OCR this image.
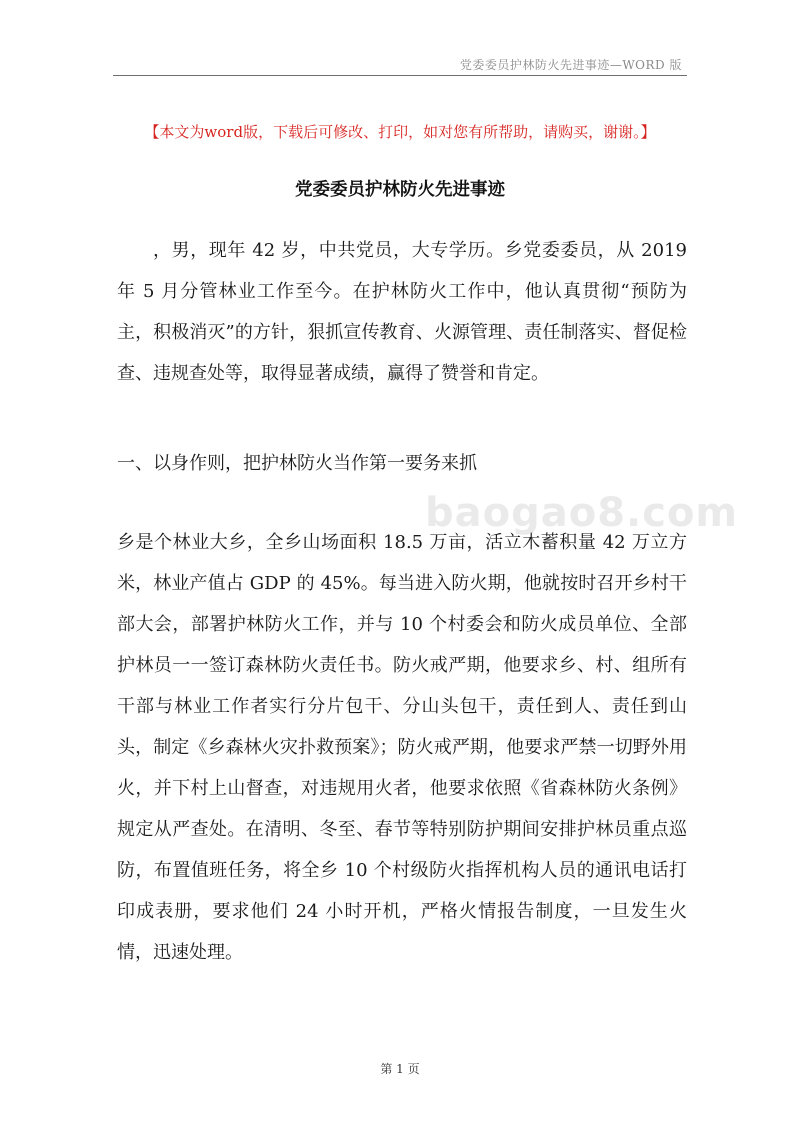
党委委员护林防火先进事迹—WORD 版
【本文为word版，下载后可修改、打印，如对您有所帮助，请购买，谢谢。】
党委委员护林防火先进事迹

，男，现年 42 岁，中共党员，大专学历。乡党委委员，从 2019 年 5 月分管林业工作至今。在护林防火工作中，他认真贯彻“预防为主，积极消灭”的方针，狠抓宣传教育、火源管理、责任制落实、督促检查、违规查处等，取得显著成绩，赢得了赞誉和肯定。

一、以身作则，把护林防火当作第一要务来抓

乡是个林业大乡，全乡山场面积 18.5 万亩，活立木蓄积量 42 万立方米，林业产值占 GDP 的 45%。每当进入防火期，他就按时召开乡村干部大会，部署护林防火工作，并与 10 个村委会和防火成员单位、全部护林员一一签订森林防火责任书。防火戒严期，他要求乡、村、组所有干部与林业工作者实行分片包干、分山头包干，责任到人、责任到山头，制定《乡森林火灾扑救预案》；防火戒严期，他要求严禁一切野外用火，并下村上山督查，对违规用火者，他要求依照《省森林防火条例》规定从严查处。在清明、冬至、春节等特别防护期间安排护林员重点巡防，布置值班任务，将全乡 10 个村级防火指挥机构人员的通讯电话打印成表册，要求他们 24 小时开机，严格火情报告制度，一旦发生火情，迅速处理。

baogao8.com
第 1 页
